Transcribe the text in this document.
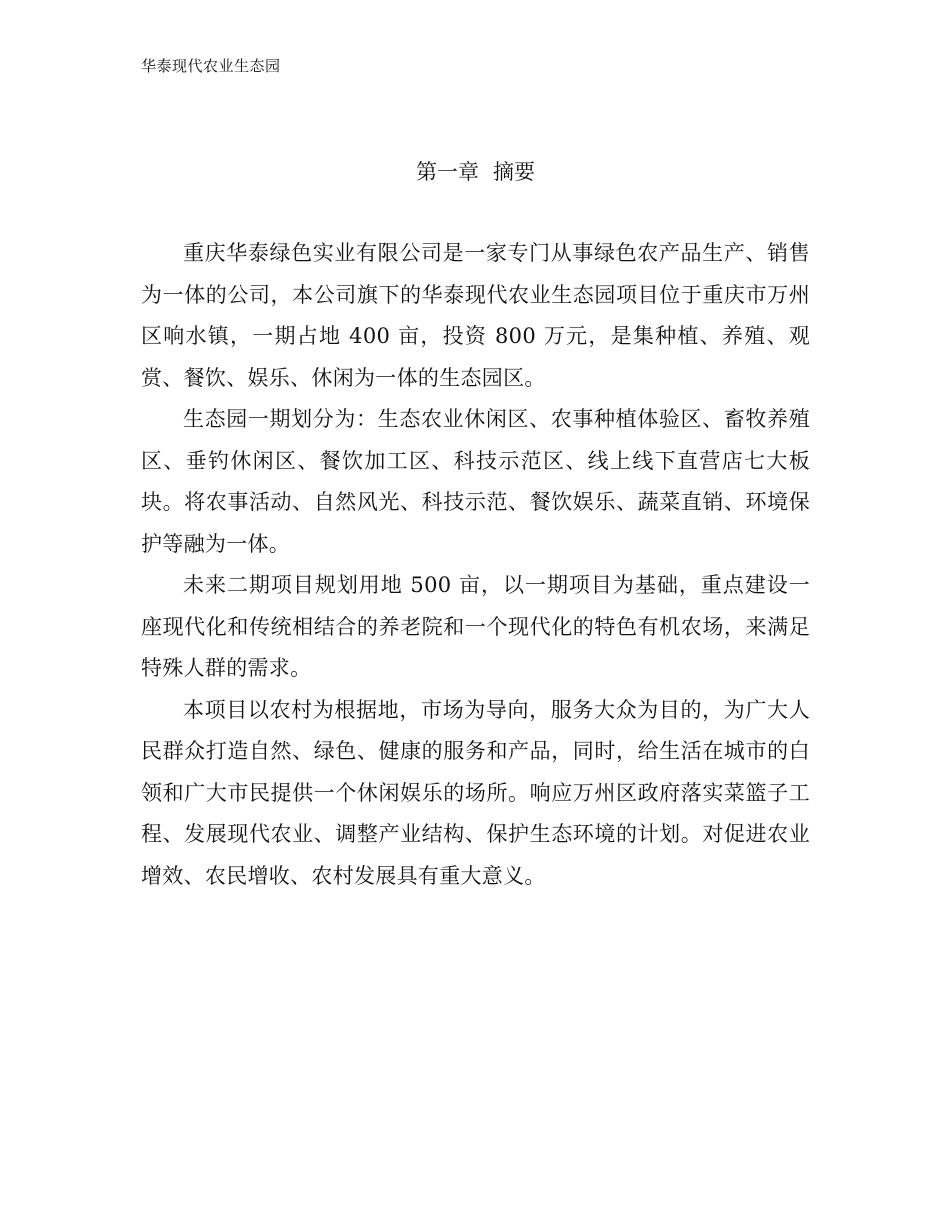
华泰现代农业生态园
第一章 摘要

重庆华泰绿色实业有限公司是一家专门从事绿色农产品生产、销售为一体的公司，本公司旗下的华泰现代农业生态园项目位于重庆市万州区响水镇，一期占地 400 亩，投资 800 万元，是集种植、养殖、观赏、餐饮、娱乐、休闲为一体的生态园区。

生态园一期划分为：生态农业休闲区、农事种植体验区、畜牧养殖区、垂钓休闲区、餐饮加工区、科技示范区、线上线下直营店七大板块。将农事活动、自然风光、科技示范、餐饮娱乐、蔬菜直销、环境保护等融为一体。

未来二期项目规划用地 500 亩，以一期项目为基础，重点建设一座现代化和传统相结合的养老院和一个现代化的特色有机农场，来满足特殊人群的需求。

本项目以农村为根据地，市场为导向，服务大众为目的，为广大人民群众打造自然、绿色、健康的服务和产品，同时，给生活在城市的白领和广大市民提供一个休闲娱乐的场所。响应万州区政府落实菜篮子工程、发展现代农业、调整产业结构、保护生态环境的计划。对促进农业增效、农民增收、农村发展具有重大意义。
